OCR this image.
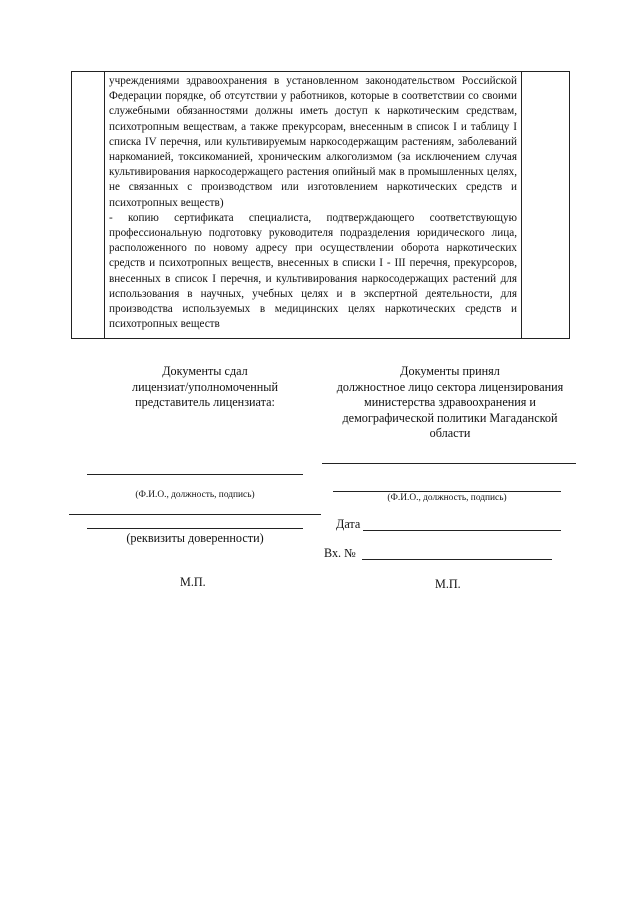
учреждениями здравоохранения в установленном законодательством Российской Федерации порядке, об отсутствии у работников, которые в соответствии со своими служебными обязанностями должны иметь доступ к наркотическим средствам, психотропным веществам, а также прекурсорам, внесенным в список I и таблицу I списка IV перечня, или культивируемым наркосодержащим растениям, заболеваний наркоманией, токсикоманией, хроническим алкоголизмом (за исключением случая культивирования наркосодержащего растения опийный мак в промышленных целях, не связанных с производством или изготовлением наркотических средств и психотропных веществ)

- копию сертификата специалиста, подтверждающего соответствующую профессиональную подготовку руководителя подразделения юридического лица, расположенного по новому адресу при осуществлении оборота наркотических средств и психотропных веществ, внесенных в списки I - III перечня, прекурсоров, внесенных в список I перечня, и культивирования наркосодержащих растений для использования в научных, учебных целях и в экспертной деятельности, для производства используемых в медицинских целях наркотических средств и психотропных веществ

Документы сдал
лицензиат/уполномоченный
представитель лицензиата:
Документы принял
должностное лицо сектора лицензирования
министерства здравоохранения и
демографической политики Магаданской
области
(Ф.И.О., должность, подпись)
(реквизиты доверенности)
М.П.
(Ф.И.О., должность, подпись)
Дата
Вх. №
М.П.
